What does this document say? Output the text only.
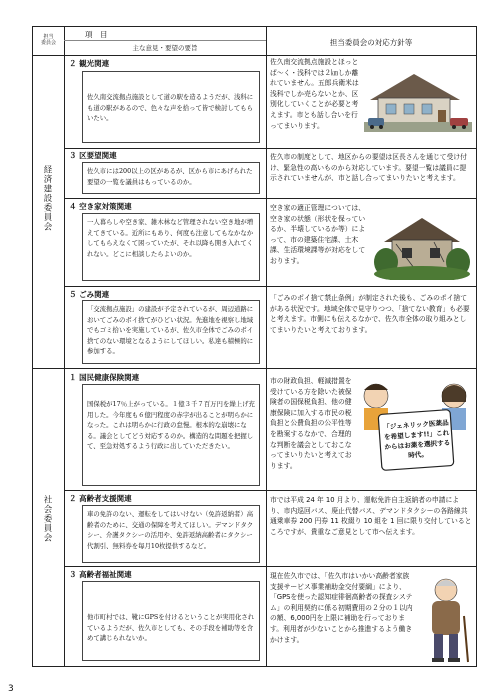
担当
委員会
項　目
主な意見・要望の要旨
担当委員会の対応方針等
経済建設委員会
社会委員会
２ 観光関連
佐久南交流拠点施設として道の駅を造るようだが、浅科にも道の駅があるので、色々な声を拾って皆で検討してもらいたい。
佐久南交流拠点施設とほっとぱ～く・浅科では２㎞しか離れていません。五郎兵衛米は浅科でしか売らないとか、区別化していくことが必要と考えます。市とも話し合いを行ってまいります。
３ 区要望関連
佐久市には200以上の区があるが、区から市にあげられた要望の一覧を議員はもっているのか。
佐久市の制度として、地区からの要望は区長さんを通じて受け付け、緊急性の高いものから対応しています。要望一覧は議員に提示されていませんが、市と話し合ってまいりたいと考えます。
４ 空き家対策関連
一人暮らしや空き家、雑木林など管理されない空き地が増えてきている。近所にもあり、何度も注意してもなかなかしてもらえなくて困っていたが、それ以降も開き入れてくれない。どこに相談したらよいのか。
空き家の適正管理については、空き家の状態（形状を保っているか、半壊しているか等）によって、市の建築住宅課、土木課、生活環境課等が対応をしております。
５ ごみ関連
「交流拠点施設」の建設が予定されているが、周辺道路においてごみのポイ捨てがひどい状況。先進地を視察し地域でもゴミ拾いを実施しているが、佐久市全体でごみのポイ捨てのない環境となるようにしてほしい。私達も積極的に参加する。
「ごみのポイ捨て禁止条例」が制定された後も、ごみのポイ捨てがある状況です。地域全体で見守りつつ、「捨てない教育」も必要と考えます。市側にも伝えるなかで、佐久市全体の取り組みとしてまいりたいと考えております。
１ 国民健康保険関連
国保税が17％上がっている。１億３千７百万円を繰上げ充用した。今年度も６億円程度の赤字が出ることが明らかになった。これは明らかに行政の怠慢。根本的な崩壊になる。議会としてどう対応するのか。構造的な問題を把握して、至急対処するよう行政に出していただきたい。
市の財政負担、軽減措置を受けている方を除いた被保険者の国保税負担、他の健康保険に加入する市民の税負担と公費負担の公平性等を勘案するなかで、合理的な判断を議会としておこなってまいりたいと考えております。
「ジェネリック医薬品を希望します!!」これからはお薬を選択する時代。
２ 高齢者支援関連
車の免許のない、運転をしてはいけない（免許返納者）高齢者のために、交通の保障を考えてほしい。デマンドタクシー、介護タクシーの活用や、免許返納高齢者にタクシー代割引、無料券を毎月10枚提供するなど。
市では平成 24 年 10 月より、運転免許自主返納者の申請により、市内巡回バス、廃止代替バス、デマンドタクシーの各路線共通乗車券 200 円券 11 枚綴り 10 組を 1 回に限り交付しているところですが、貴重なご意見として市へ伝えます。
３ 高齢者福祉関連
他市町村では、靴にGPSを付けるということが実用化されているようだが、佐久市としても、その手段を補助等を含めて講じられないか。
現在佐久市では、「佐久市はいかい高齢者家族支援サービス事業補助金交付要綱」により、「GPSを使った認知症徘徊高齢者の探査システム」の利用契約に係る初期費用の２分の１以内の額、6,000円を上限に補助を行っております。利用者が少ないことから推進するよう働きかけます。
3
